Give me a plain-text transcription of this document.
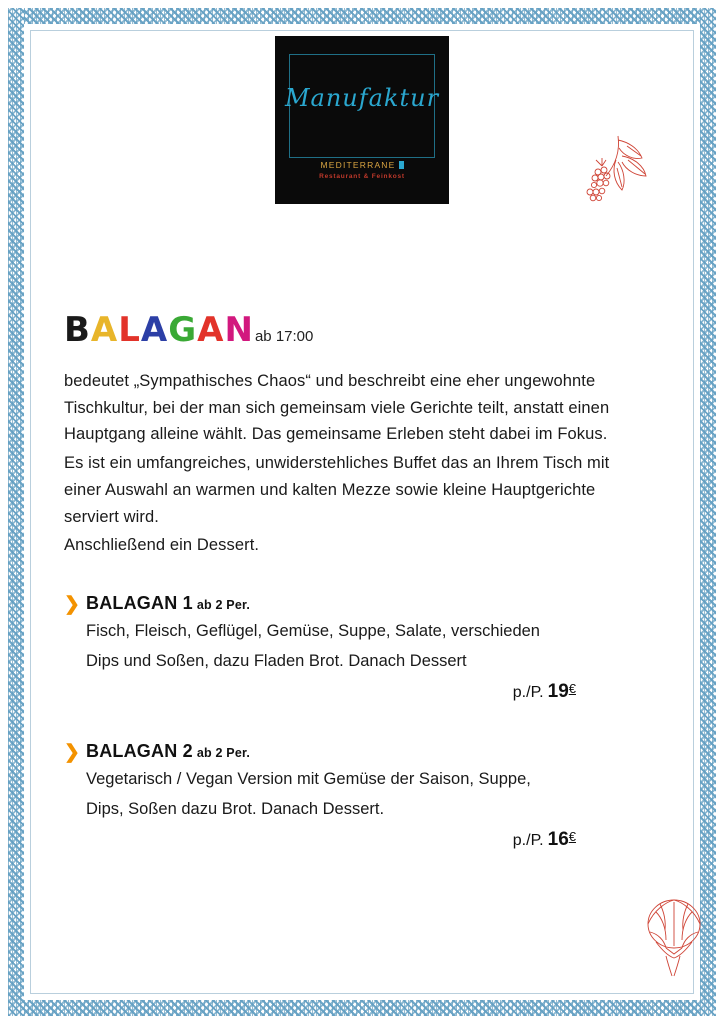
Manufaktur
MEDITERRANE
Restaurant & Feinkost
BALAGANab 17:00

bedeutet „Sympathisches Chaos“ und beschreibt eine eher ungewohnte Tischkultur, bei der man sich gemeinsam viele Gerichte teilt, anstatt einen Hauptgang alleine wählt. Das gemeinsame Erleben steht dabei im Fokus.

Es ist ein umfangreiches, unwiderstehliches Buffet das an Ihrem Tisch mit einer Auswahl an warmen und kalten Mezze sowie kleine Hauptgerichte serviert wird.

Anschließend ein Dessert.

❯ BALAGAN 1 ab 2 Per.
Fisch, Fleisch, Geflügel, Gemüse, Suppe, Salate, verschieden
Dips und Soßen, dazu Fladen Brot. Danach Dessert
p./P. 19€
❯ BALAGAN 2 ab 2 Per.
Vegetarisch / Vegan Version mit Gemüse der Saison, Suppe,
Dips, Soßen dazu Brot. Danach Dessert.
p./P. 16€
